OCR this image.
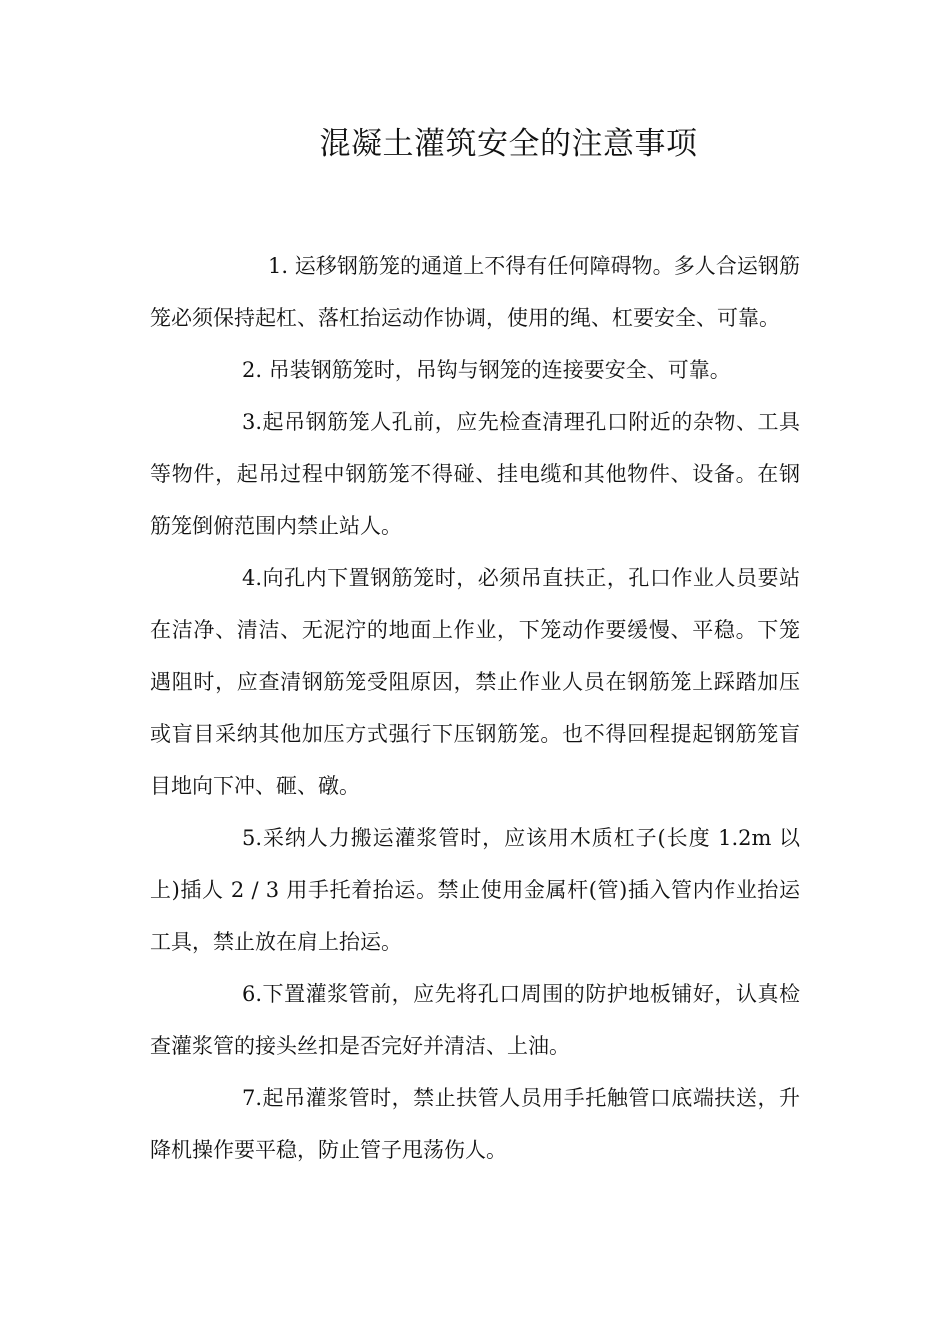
混凝土灌筑安全的注意事项

1. 运移钢筋笼的通道上不得有任何障碍物。多人合运钢筋笼必须保持起杠、落杠抬运动作协调，使用的绳、杠要安全、可靠。

2. 吊装钢筋笼时，吊钩与钢笼的连接要安全、可靠。

3.起吊钢筋笼人孔前，应先检查清理孔口附近的杂物、工具等物件，起吊过程中钢筋笼不得碰、挂电缆和其他物件、设备。在钢筋笼倒俯范围内禁止站人。

4.向孔内下置钢筋笼时，必须吊直扶正，孔口作业人员要站在洁净、清洁、无泥泞的地面上作业，下笼动作要缓慢、平稳。下笼遇阻时，应查清钢筋笼受阻原因，禁止作业人员在钢筋笼上踩踏加压或盲目采纳其他加压方式强行下压钢筋笼。也不得回程提起钢筋笼盲目地向下冲、砸、礅。

5.采纳人力搬运灌浆管时，应该用木质杠子(长度 1.2m 以上)插人 2 / 3 用手托着抬运。禁止使用金属杆(管)插入管内作业抬运工具，禁止放在肩上抬运。

6.下置灌浆管前，应先将孔口周围的防护地板铺好，认真检查灌浆管的接头丝扣是否完好并清洁、上油。

7.起吊灌浆管时，禁止扶管人员用手托触管口底端扶送，升降机操作要平稳，防止管子甩荡伤人。
